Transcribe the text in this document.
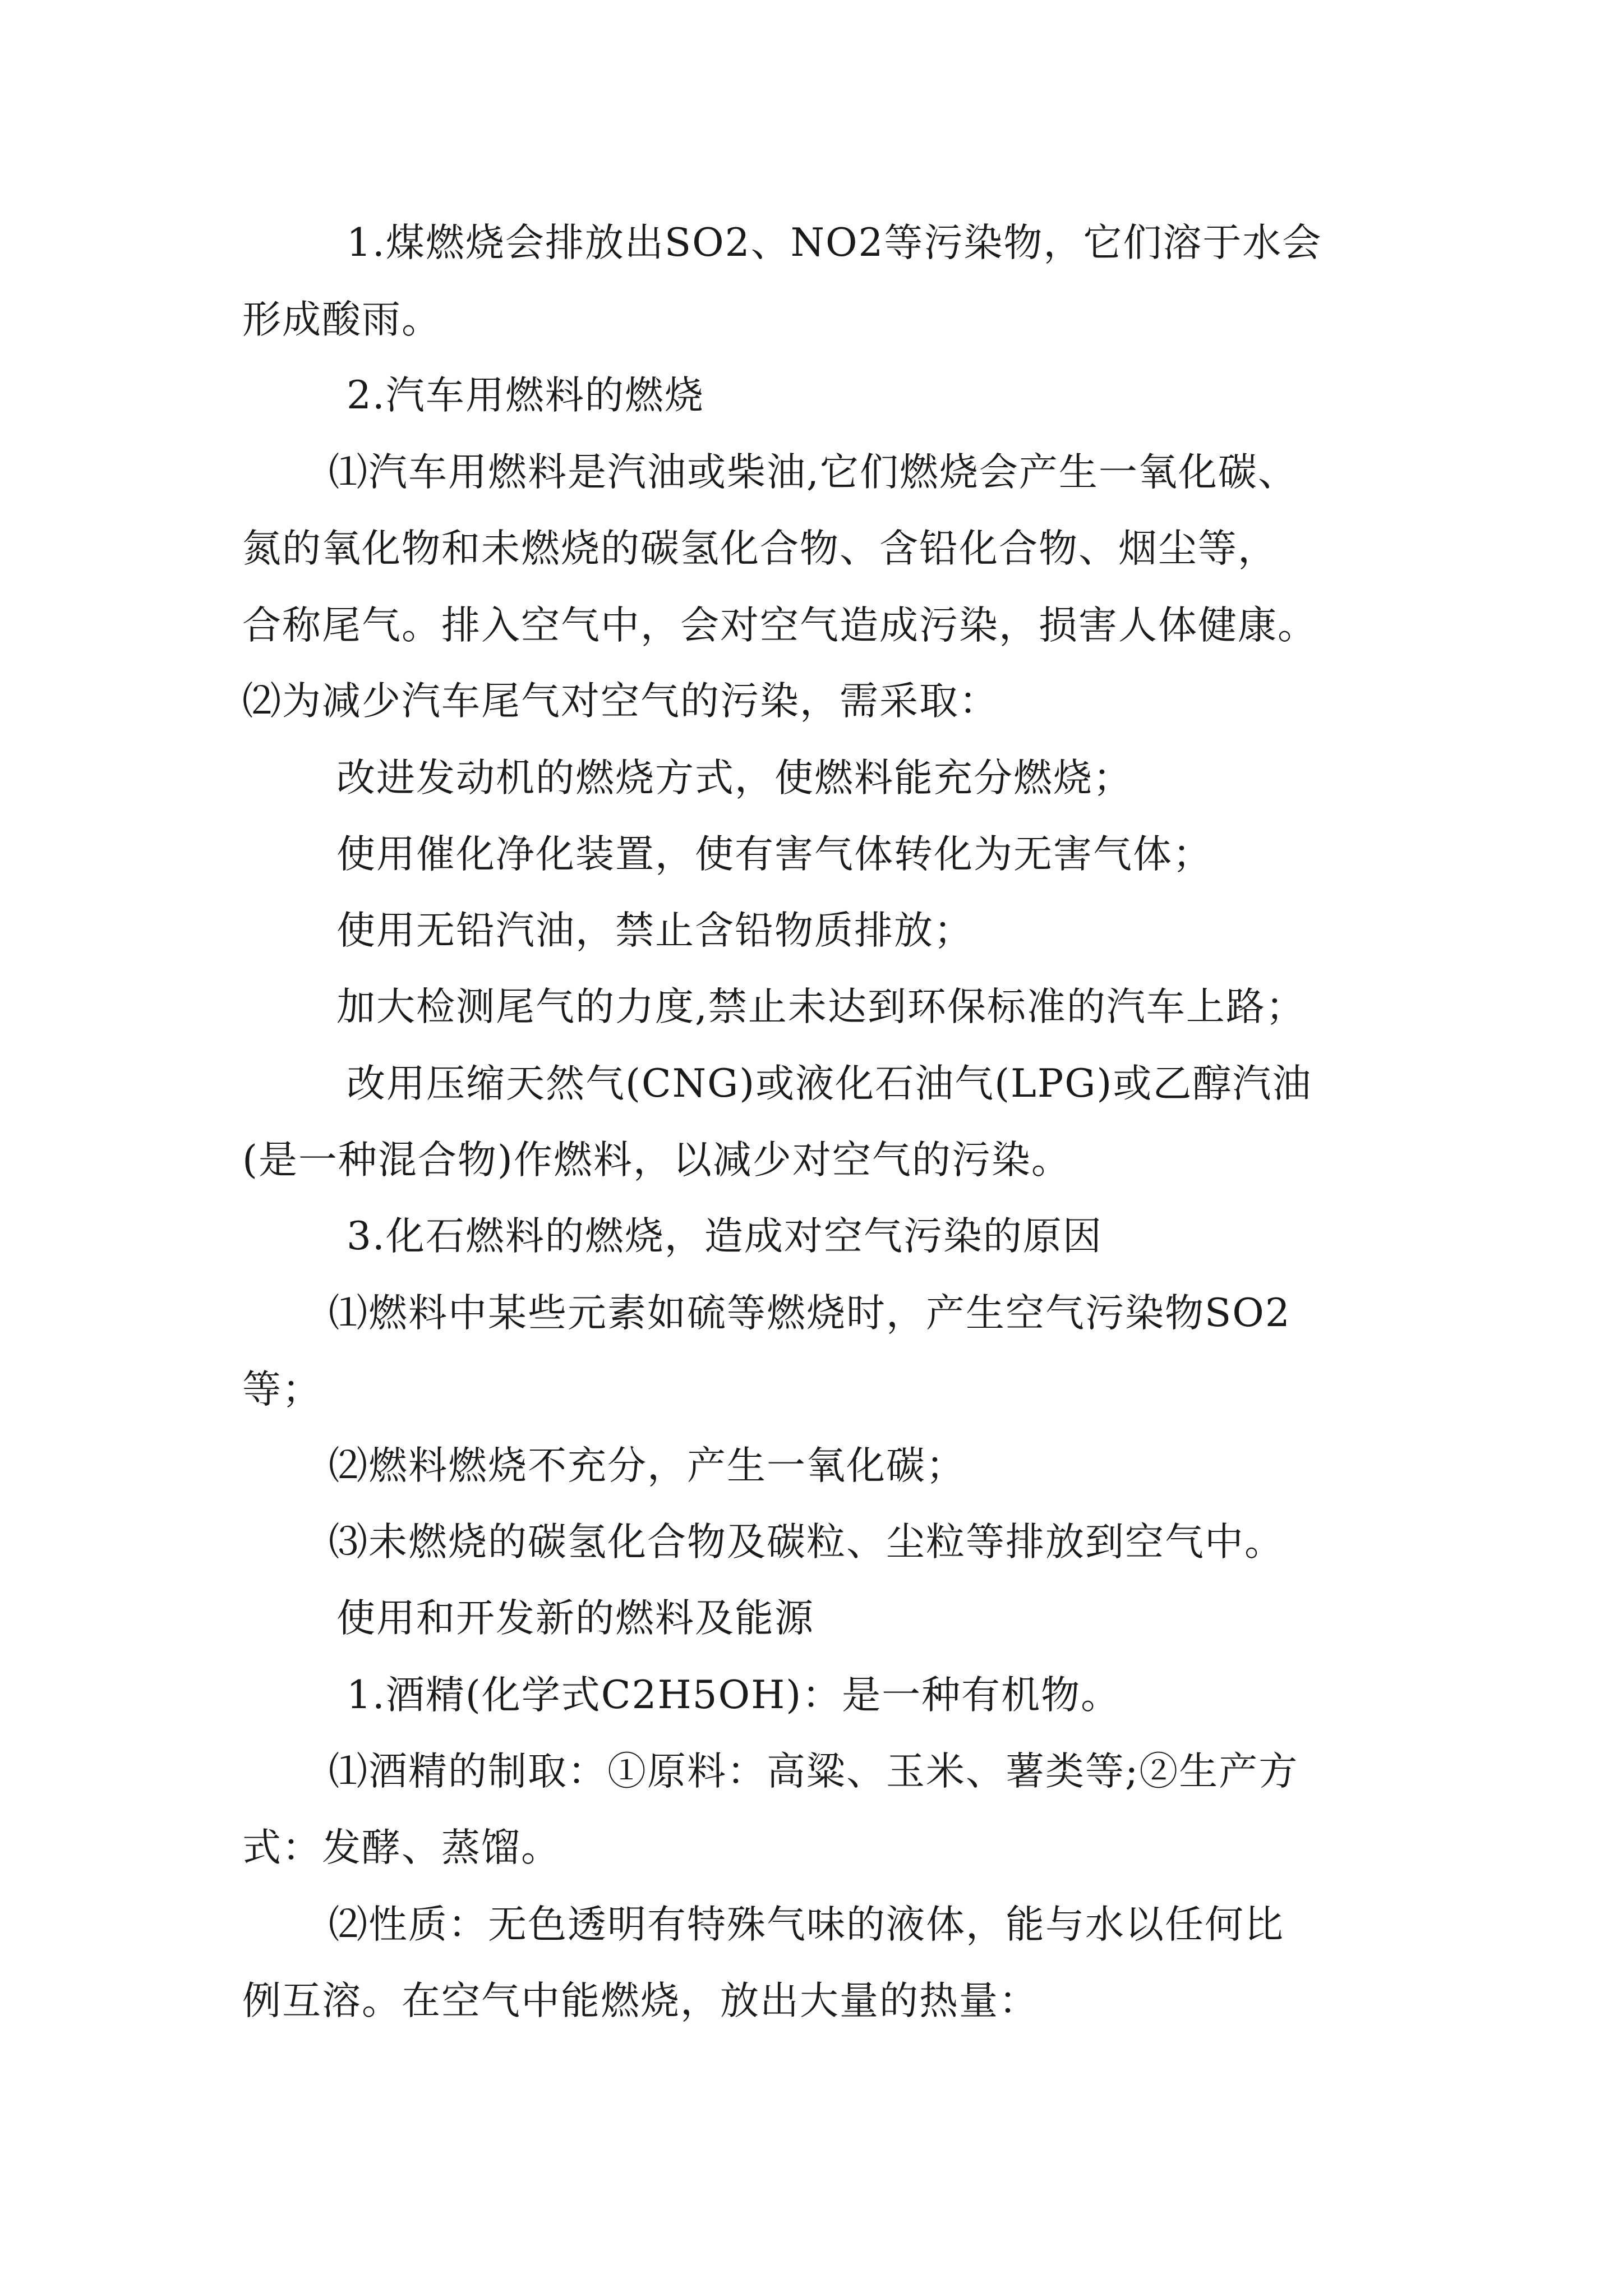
1.煤燃烧会排放出SO2、NO2等污染物，它们溶于水会
形成酸雨。
2.汽车用燃料的燃烧
⑴汽车用燃料是汽油或柴油,它们燃烧会产生一氧化碳、
氮的氧化物和未燃烧的碳氢化合物、含铅化合物、烟尘等，
合称尾气。排入空气中，会对空气造成污染，损害人体健康。
⑵为减少汽车尾气对空气的污染，需采取：
改进发动机的燃烧方式，使燃料能充分燃烧；
使用催化净化装置，使有害气体转化为无害气体；
使用无铅汽油，禁止含铅物质排放；
加大检测尾气的力度,禁止未达到环保标准的汽车上路；
改用压缩天然气(CNG)或液化石油气(LPG)或乙醇汽油
(是一种混合物)作燃料，以减少对空气的污染。
3.化石燃料的燃烧，造成对空气污染的原因
⑴燃料中某些元素如硫等燃烧时，产生空气污染物SO2
等；
⑵燃料燃烧不充分，产生一氧化碳；
⑶未燃烧的碳氢化合物及碳粒、尘粒等排放到空气中。
使用和开发新的燃料及能源
1.酒精(化学式C2H5OH)：是一种有机物。
⑴酒精的制取：①原料：高粱、玉米、薯类等;②生产方
式：发酵、蒸馏。
⑵性质：无色透明有特殊气味的液体，能与水以任何比
例互溶。在空气中能燃烧，放出大量的热量：
